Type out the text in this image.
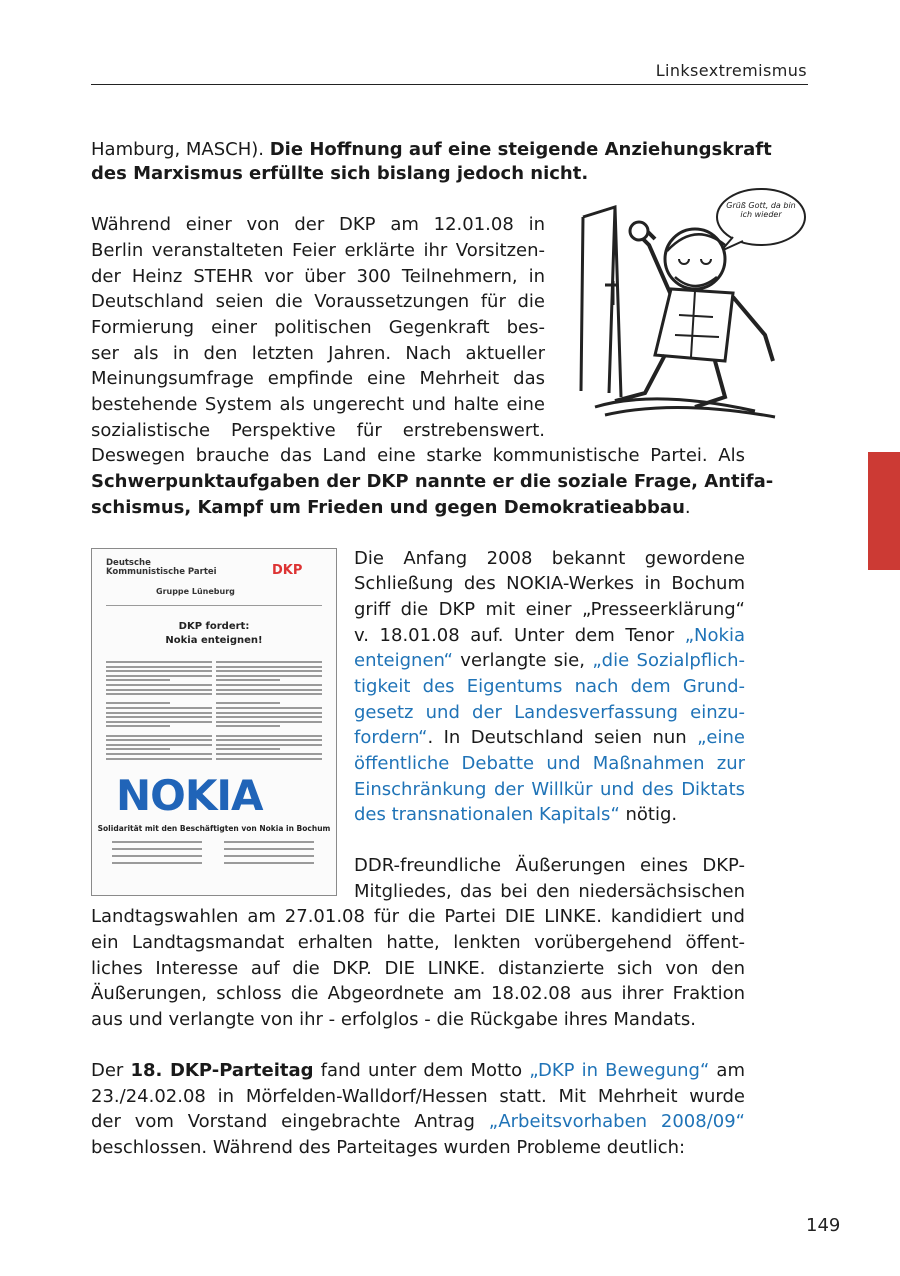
Linksextremismus
Hamburg, MASCH). Die Hoffnung auf eine steigende Anziehungskraft
des Marxismus erfüllte sich bislang jedoch nicht.
Während einer von der DKP am 12.01.08 in
Berlin veranstalteten Feier erklärte ihr Vorsitzen-
der Heinz STEHR vor über 300 Teilnehmern, in
Deutschland seien die Voraussetzungen für die
Formierung einer politischen Gegenkraft bes-
ser als in den letzten Jahren. Nach aktueller
Meinungsumfrage empfinde eine Mehrheit das
bestehende System als ungerecht und halte eine
sozialistische Perspektive für erstrebenswert.
Deswegen brauche das Land eine starke kommunistische Partei. Als
Schwerpunktaufgaben der DKP nannte er die soziale Frage, Antifa-
schismus, Kampf um Frieden und gegen Demokratieabbau.
Die Anfang 2008 bekannt gewordene
Schließung des NOKIA-Werkes in Bochum
griff die DKP mit einer „Presseerklärung“
v. 18.01.08 auf. Unter dem Tenor „Nokia
enteignen“ verlangte sie, „die Sozialpflich-
tigkeit des Eigentums nach dem Grund-
gesetz und der Landesverfassung einzu-
fordern“. In Deutschland seien nun „eine
öffentliche Debatte und Maßnahmen zur
Einschränkung der Willkür und des Diktats
des transnationalen Kapitals“ nötig.
DDR-freundliche Äußerungen eines DKP-
Mitgliedes, das bei den niedersächsischen
Landtagswahlen am 27.01.08 für die Partei DIE LINKE. kandidiert und
ein Landtagsmandat erhalten hatte, lenkten vorübergehend öffent-
liches Interesse auf die DKP. DIE LINKE. distanzierte sich von den
Äußerungen, schloss die Abgeordnete am 18.02.08 aus ihrer Fraktion
aus und verlangte von ihr - erfolglos - die Rückgabe ihres Mandats.
Der 18. DKP-Parteitag fand unter dem Motto „DKP in Bewegung“ am
23./24.02.08 in Mörfelden-Walldorf/Hessen statt. Mit Mehrheit wurde
der vom Vorstand eingebrachte Antrag „Arbeitsvorhaben 2008/09“
beschlossen. Während des Parteitages wurden Probleme deutlich:
Grüß Gott, da bin ich wieder
Deutsche Kommunistische Partei
Gruppe Lüneburg
DKP
DKP fordert:
Nokia enteignen!
NOKIA
Solidarität mit den Beschäftigten von Nokia in Bochum
149
